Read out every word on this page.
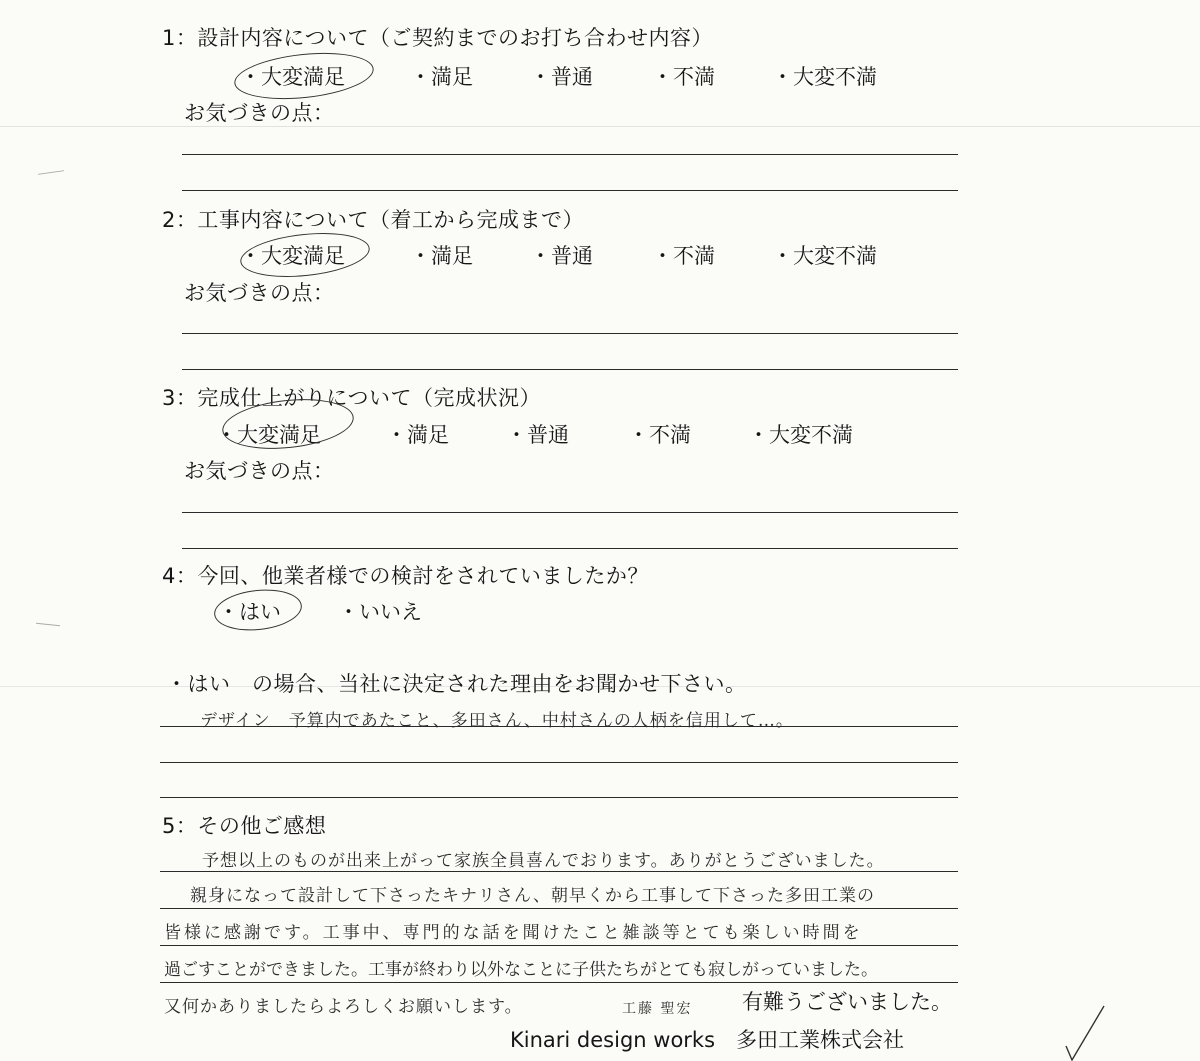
1：設計内容について（ご契約までのお打ち合わせ内容）
・大変満足	・満足	・普通	・不満	・大変不満
お気づきの点：
2：工事内容について（着工から完成まで）
・大変満足	・満足	・普通	・不満	・大変不満
お気づきの点：
3：完成仕上がりについて（完成状況）
・大変満足	・満足	・普通	・不満	・大変不満
お気づきの点：
4：今回、他業者様での検討をされていましたか？
・はい	・いいえ
・はい　の場合、当社に決定された理由をお聞かせ下さい。
デザイン　予算内であたこと、多田さん、中村さんの人柄を信用して…。
5：その他ご感想
予想以上のものが出来上がって家族全員喜んでおります。ありがとうございました。
親身になって設計して下さったキナリさん、朝早くから工事して下さった多田工業の
皆様に感謝です。工事中、専門的な話を聞けたこと雑談等とても楽しい時間を
過ごすことができました。工事が終わり以外なことに子供たちがとても寂しがっていました。
又何かありましたらよろしくお願いします。	工藤 聖宏 有難うございました。
Kinari design works　多田工業株式会社
